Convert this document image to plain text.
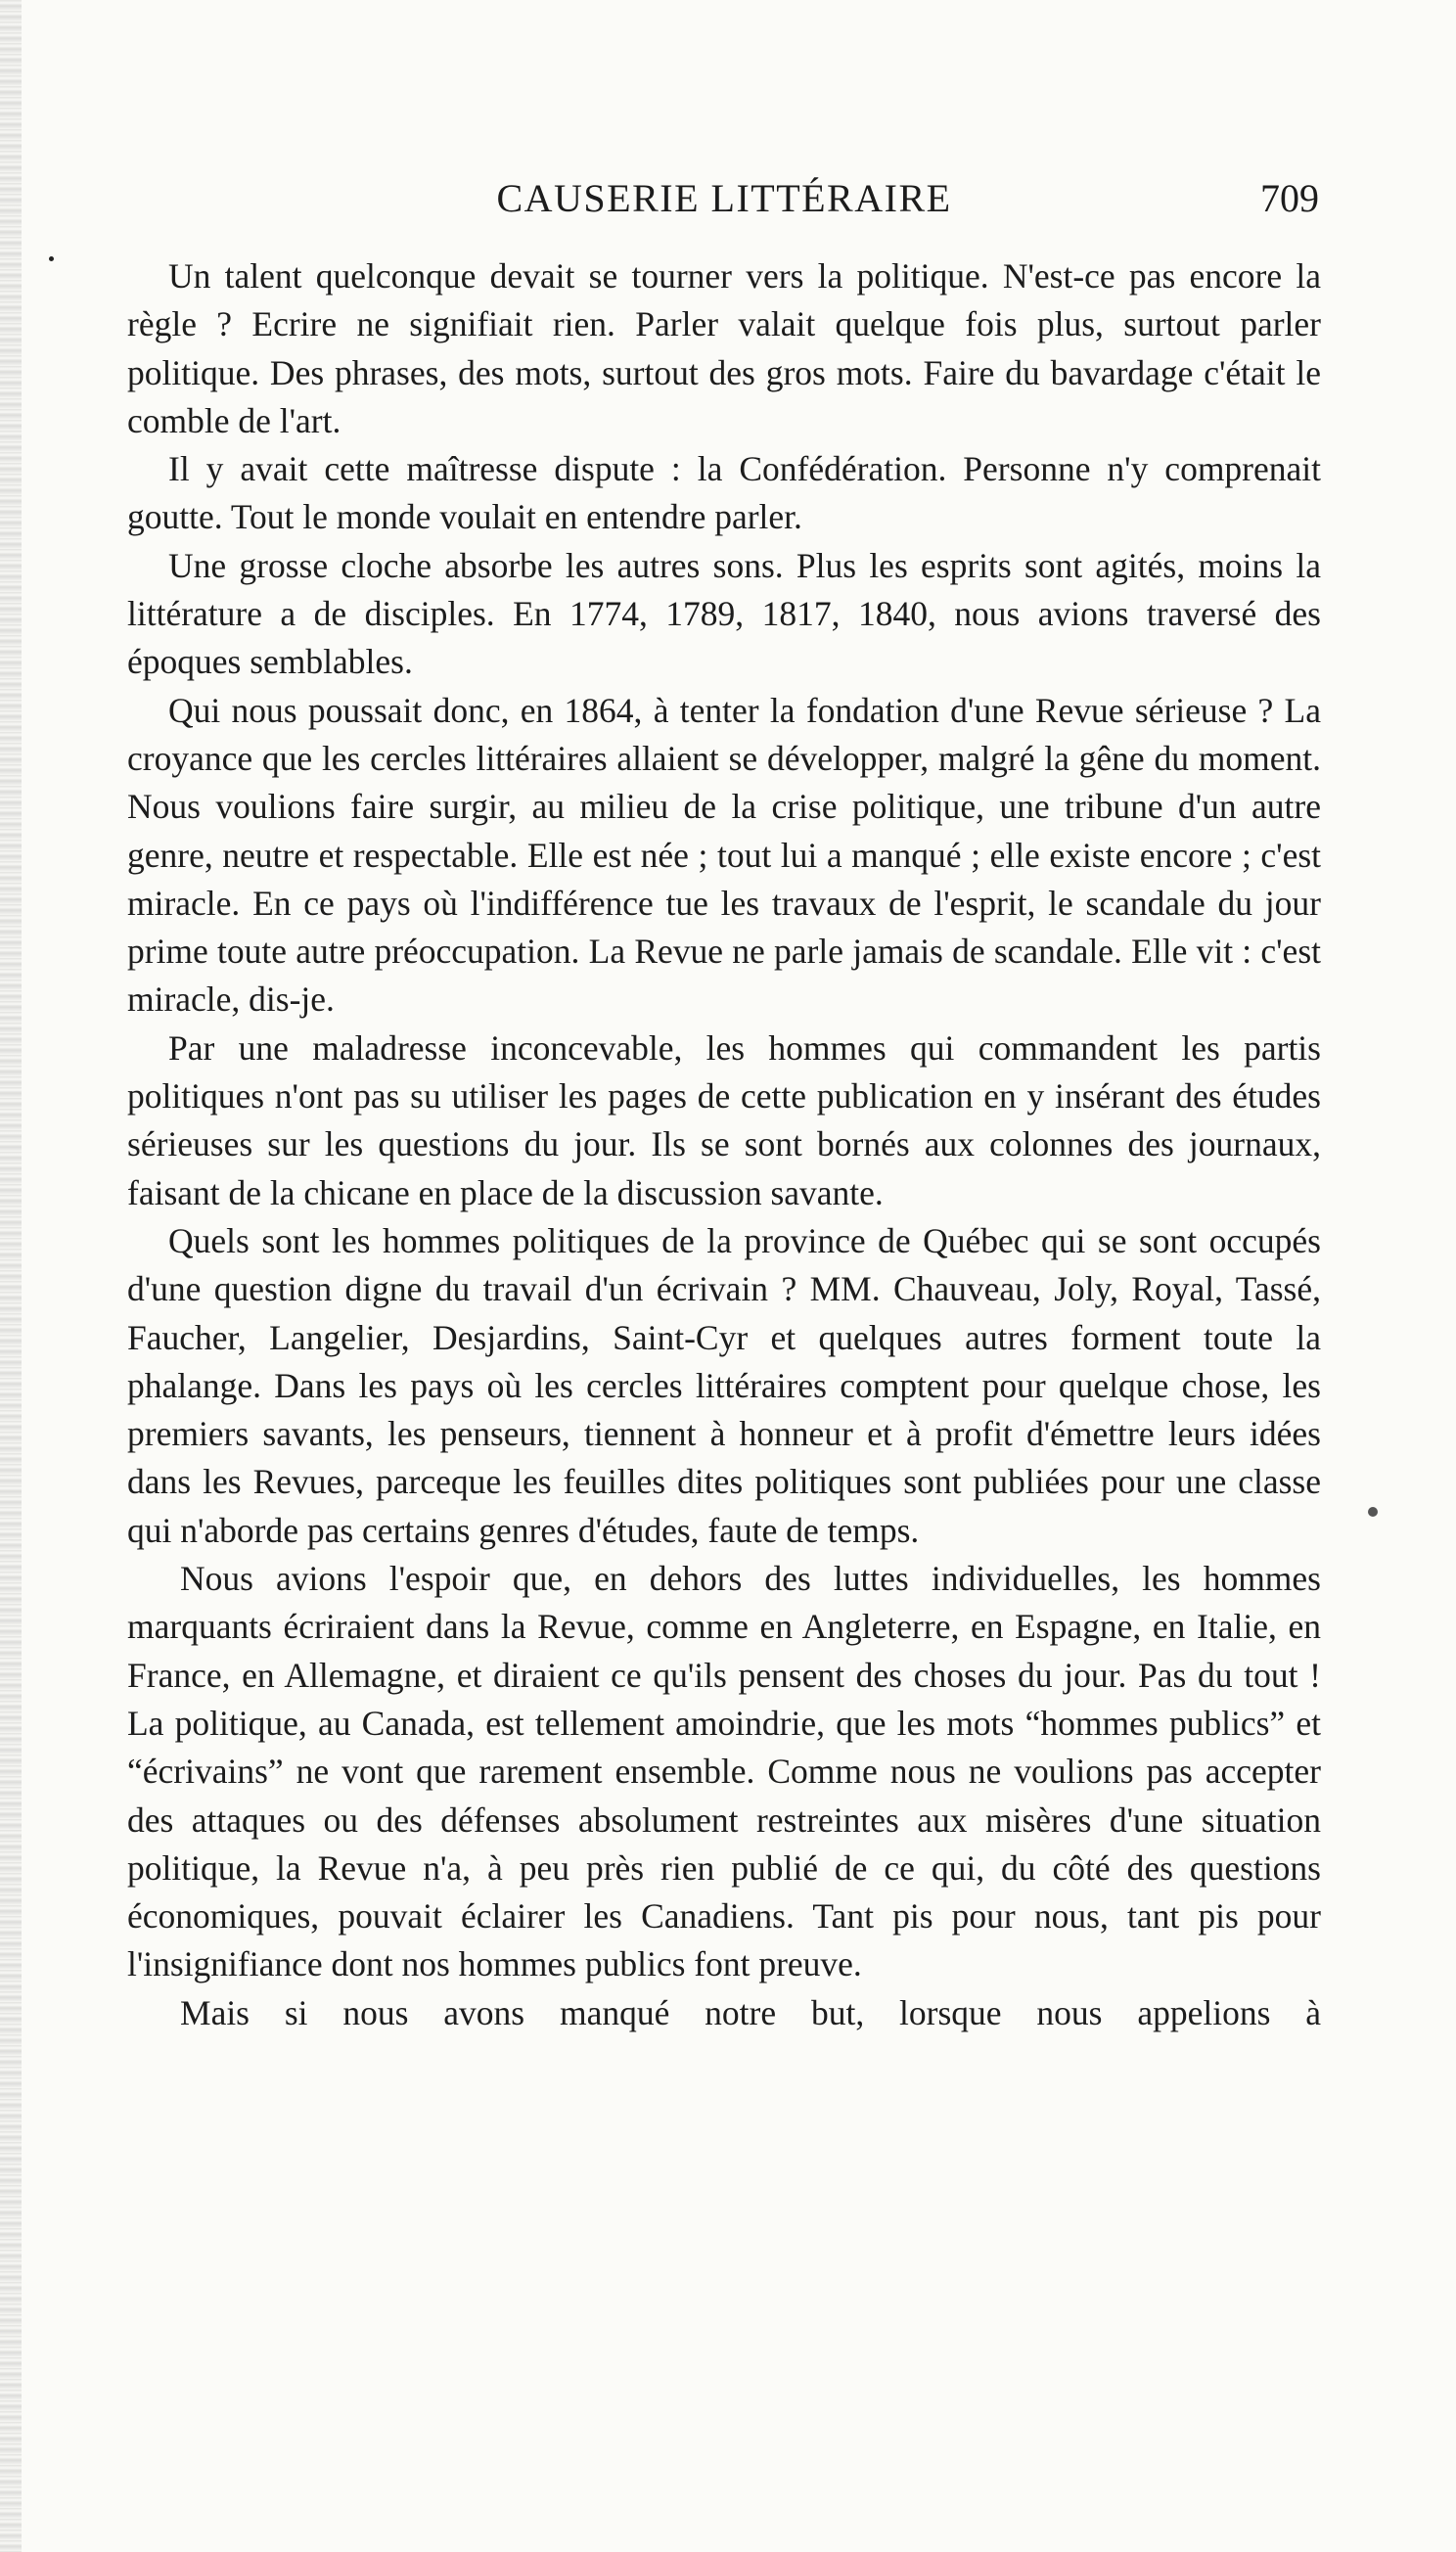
CAUSERIE LITTÉRAIRE	709

Un talent quelconque devait se tourner vers la politique. N'est-ce pas encore la règle ? Ecrire ne signifiait rien. Parler valait quelque fois plus, surtout parler politique. Des phrases, des mots, surtout des gros mots. Faire du bavardage c'était le comble de l'art.

Il y avait cette maîtresse dispute : la Confédération. Personne n'y comprenait goutte. Tout le monde voulait en entendre parler.

Une grosse cloche absorbe les autres sons. Plus les esprits sont agités, moins la littérature a de disciples. En 1774, 1789, 1817, 1840, nous avions traversé des époques semblables.

Qui nous poussait donc, en 1864, à tenter la fondation d'une Revue sérieuse ? La croyance que les cercles littéraires allaient se développer, malgré la gêne du moment. Nous voulions faire surgir, au milieu de la crise politique, une tribune d'un autre genre, neutre et respectable. Elle est née ; tout lui a manqué ; elle existe encore ; c'est miracle. En ce pays où l'indifférence tue les travaux de l'esprit, le scandale du jour prime toute autre préoccupation. La Revue ne parle jamais de scandale. Elle vit : c'est miracle, dis-je.

Par une maladresse inconcevable, les hommes qui commandent les partis politiques n'ont pas su utiliser les pages de cette publication en y insérant des études sérieuses sur les questions du jour. Ils se sont bornés aux colonnes des journaux, faisant de la chicane en place de la discussion savante.

Quels sont les hommes politiques de la province de Québec qui se sont occupés d'une question digne du travail d'un écrivain ? MM. Chauveau, Joly, Royal, Tassé, Faucher, Langelier, Desjardins, Saint-Cyr et quelques autres forment toute la phalange. Dans les pays où les cercles littéraires comptent pour quelque chose, les premiers savants, les penseurs, tiennent à honneur et à profit d'émettre leurs idées dans les Revues, parceque les feuilles dites politiques sont publiées pour une classe qui n'aborde pas certains genres d'études, faute de temps.

Nous avions l'espoir que, en dehors des luttes individuelles, les hommes marquants écriraient dans la Revue, comme en Angleterre, en Espagne, en Italie, en France, en Allemagne, et diraient ce qu'ils pensent des choses du jour. Pas du tout ! La politique, au Canada, est tellement amoindrie, que les mots “hommes publics” et “écrivains” ne vont que rarement ensemble. Comme nous ne voulions pas accepter des attaques ou des défenses absolument restreintes aux misères d'une situation politique, la Revue n'a, à peu près rien publié de ce qui, du côté des questions économiques, pouvait éclairer les Canadiens. Tant pis pour nous, tant pis pour l'insignifiance dont nos hommes publics font preuve.

Mais si nous avons manqué notre but, lorsque nous appelions à
